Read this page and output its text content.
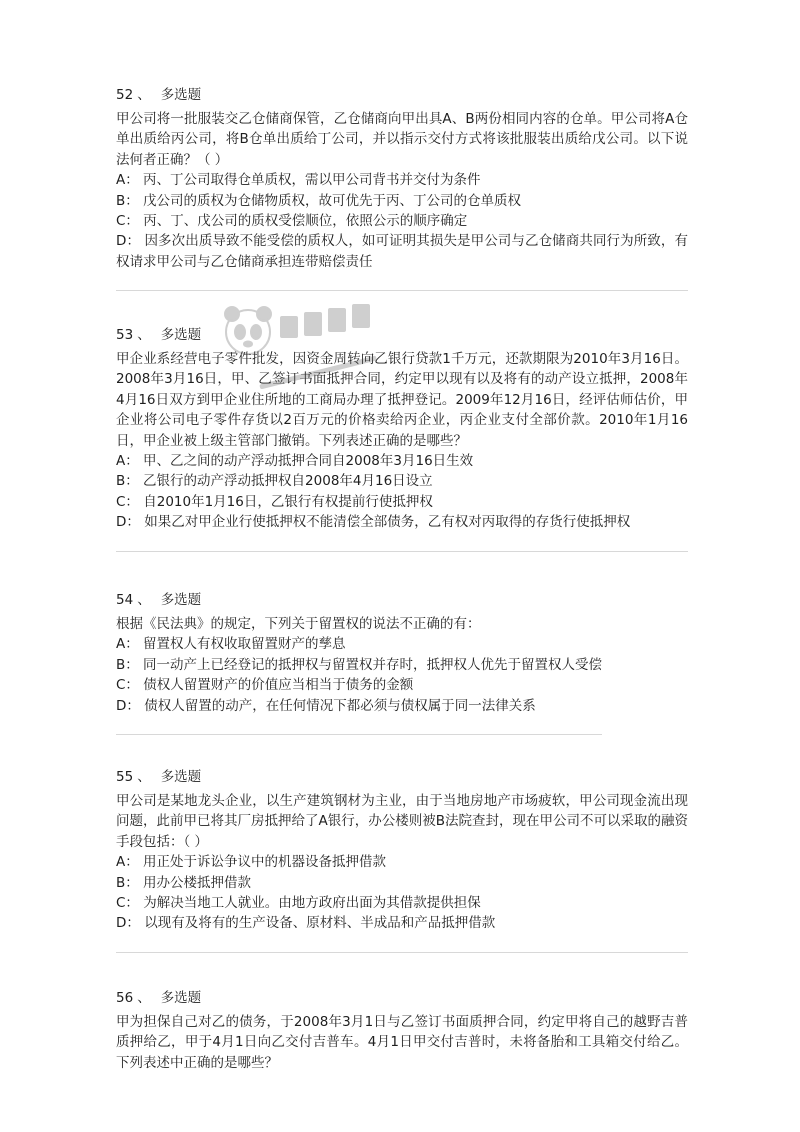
52 、 多选题

甲公司将一批服装交乙仓储商保管，乙仓储商向甲出具A、B两份相同内容的仓单。甲公司将A仓单出质给丙公司，将B仓单出质给丁公司，并以指示交付方式将该批服装出质给戊公司。以下说法何者正确？（ ）

A： 丙、丁公司取得仓单质权，需以甲公司背书并交付为条件
B： 戊公司的质权为仓储物质权，故可优先于丙、丁公司的仓单质权
C： 丙、丁、戊公司的质权受偿顺位，依照公示的顺序确定
D： 因多次出质导致不能受偿的质权人，如可证明其损失是甲公司与乙仓储商共同行为所致，有权请求甲公司与乙仓储商承担连带赔偿责任
53 、 多选题

甲企业系经营电子零件批发，因资金周转向乙银行贷款1千万元，还款期限为2010年3月16日。2008年3月16日，甲、乙签订书面抵押合同，约定甲以现有以及将有的动产设立抵押，2008年4月16日双方到甲企业住所地的工商局办理了抵押登记。2009年12月16日，经评估师估价，甲企业将公司电子零件存货以2百万元的价格卖给丙企业，丙企业支付全部价款。2010年1月16日，甲企业被上级主管部门撤销。下列表述正确的是哪些？

A： 甲、乙之间的动产浮动抵押合同自2008年3月16日生效
B： 乙银行的动产浮动抵押权自2008年4月16日设立
C： 自2010年1月16日，乙银行有权提前行使抵押权
D： 如果乙对甲企业行使抵押权不能清偿全部债务，乙有权对丙取得的存货行使抵押权
54 、 多选题

根据《民法典》的规定，下列关于留置权的说法不正确的有：

A： 留置权人有权收取留置财产的孳息
B： 同一动产上已经登记的抵押权与留置权并存时，抵押权人优先于留置权人受偿
C： 债权人留置财产的价值应当相当于债务的金额
D： 债权人留置的动产，在任何情况下都必须与债权属于同一法律关系
55 、 多选题

甲公司是某地龙头企业，以生产建筑钢材为主业，由于当地房地产市场疲软，甲公司现金流出现问题，此前甲已将其厂房抵押给了A银行，办公楼则被B法院查封，现在甲公司不可以采取的融资手段包括：（ ）

A： 用正处于诉讼争议中的机器设备抵押借款
B： 用办公楼抵押借款
C： 为解决当地工人就业。由地方政府出面为其借款提供担保
D： 以现有及将有的生产设备、原材料、半成品和产品抵押借款
56 、 多选题

甲为担保自己对乙的债务，于2008年3月1日与乙签订书面质押合同，约定甲将自己的越野吉普质押给乙，甲于4月1日向乙交付吉普车。4月1日甲交付吉普时，未将备胎和工具箱交付给乙。下列表述中正确的是哪些？
